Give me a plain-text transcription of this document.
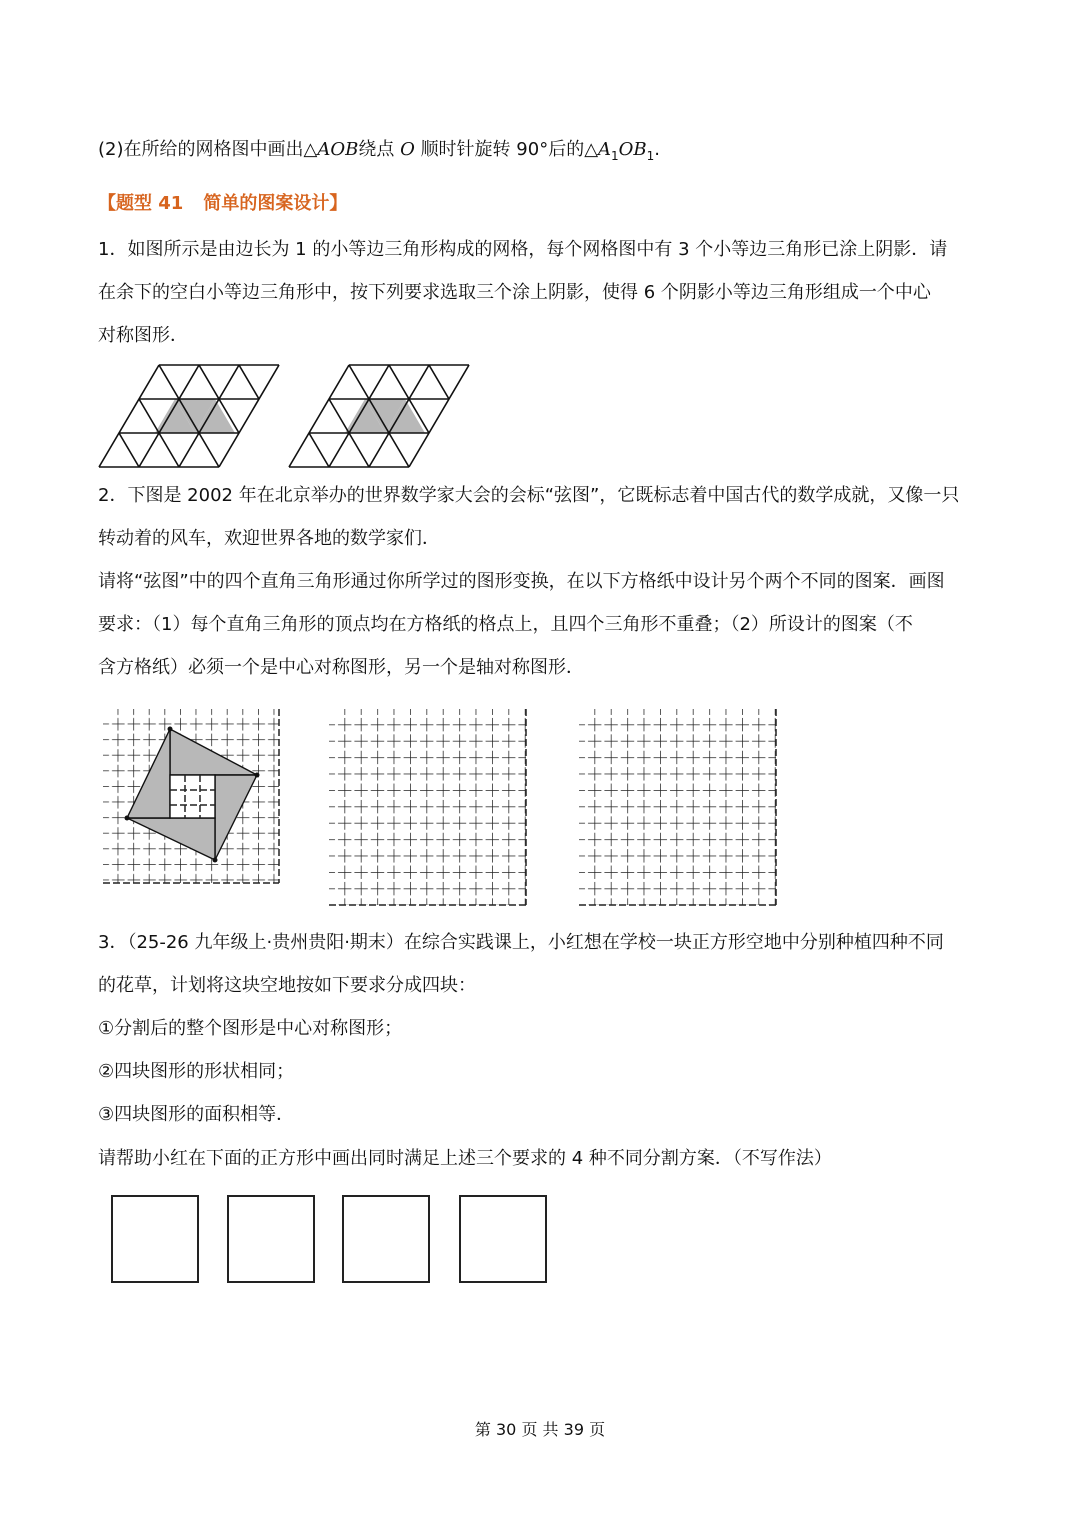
(2)在所给的网格图中画出△AOB绕点 O 顺时针旋转 90°后的$\triangle A_1OB_1$.
【题型 41 简单的图案设计】
1．如图所示是由边长为 1 的小等边三角形构成的网格，每个网格图中有 3 个小等边三角形已涂上阴影．请
在余下的空白小等边三角形中，按下列要求选取三个涂上阴影，使得 6 个阴影小等边三角形组成一个中心
对称图形．
2．下图是 2002 年在北京举办的世界数学家大会的会标“弦图”，它既标志着中国古代的数学成就，又像一只
转动着的风车，欢迎世界各地的数学家们．
请将“弦图”中的四个直角三角形通过你所学过的图形变换，在以下方格纸中设计另个两个不同的图案．画图
要求：（1）每个直角三角形的顶点均在方格纸的格点上，且四个三角形不重叠；（2）所设计的图案（不
含方格纸）必须一个是中心对称图形，另一个是轴对称图形．
3．（25-26 九年级上·贵州贵阳·期末）在综合实践课上，小红想在学校一块正方形空地中分别种植四种不同
的花草，计划将这块空地按如下要求分成四块：
①分割后的整个图形是中心对称图形；
②四块图形的形状相同；
③四块图形的面积相等．
请帮助小红在下面的正方形中画出同时满足上述三个要求的 4 种不同分割方案．（不写作法）
第 30 页 共 39 页
